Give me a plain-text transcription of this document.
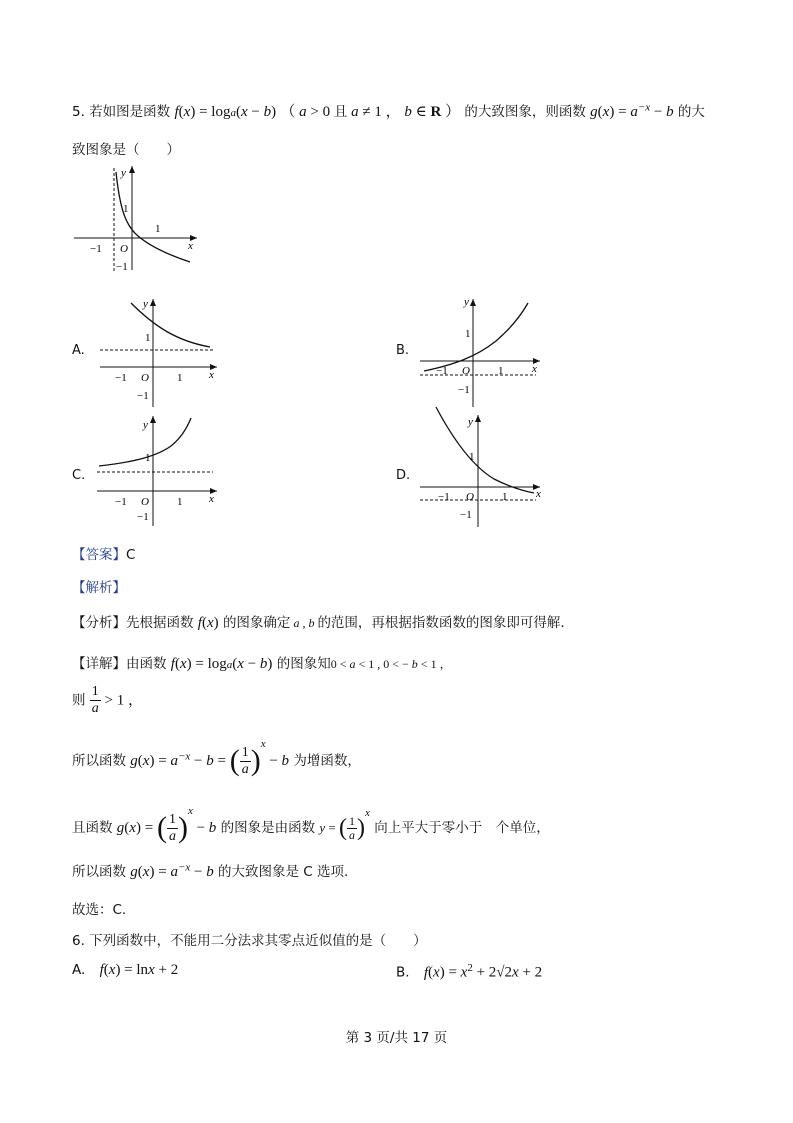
5. 若如图是函数 f(x) = loga(x − b) （ a > 0 且 a ≠ 1 ， b ∈ R ） 的大致图象，则函数 $g(x) = a^{-x} - b$ 的大
致图象是（　　）
y
1
1
x
−1 O
−1
A.
y
1
−1 O	1 x
−1
B.
y
1
−1 O	1	x
−1
C.
y
1
−1 O	1 x
−1
D.
y
1
−1 O	1	x
−1
【答案】C
【解析】
【分析】先根据函数 f(x) 的图象确定 a , b 的范围，再根据指数函数的图象即可得解.
【详解】由函数 f(x) = loga(x − b) 的图象知0 < a < 1 , 0 < − b < 1 ，
则 $\frac{1}{a} > 1$ ，
所以函数 $g(x) = a^{-x} - b$ = ( $\frac{1}{a} )^x - b$ 为增函数，
且函数 g(x) = ( $\frac{1}{a} )^x - b$ 的图象是由函数 y = ( $\frac{1}{a} )^x$ 向上平大于零小于　个单位，
所以函数 $g(x) = a^{-x} - b$ 的大致图象是 C 选项.
故选：C.
6. 下列函数中，不能用二分法求其零点近似值的是（　　）
A. f(x) = lnx + 2	B. $f(x) = x^2 + 2√2x + 2$
第 3 页/共 17 页
